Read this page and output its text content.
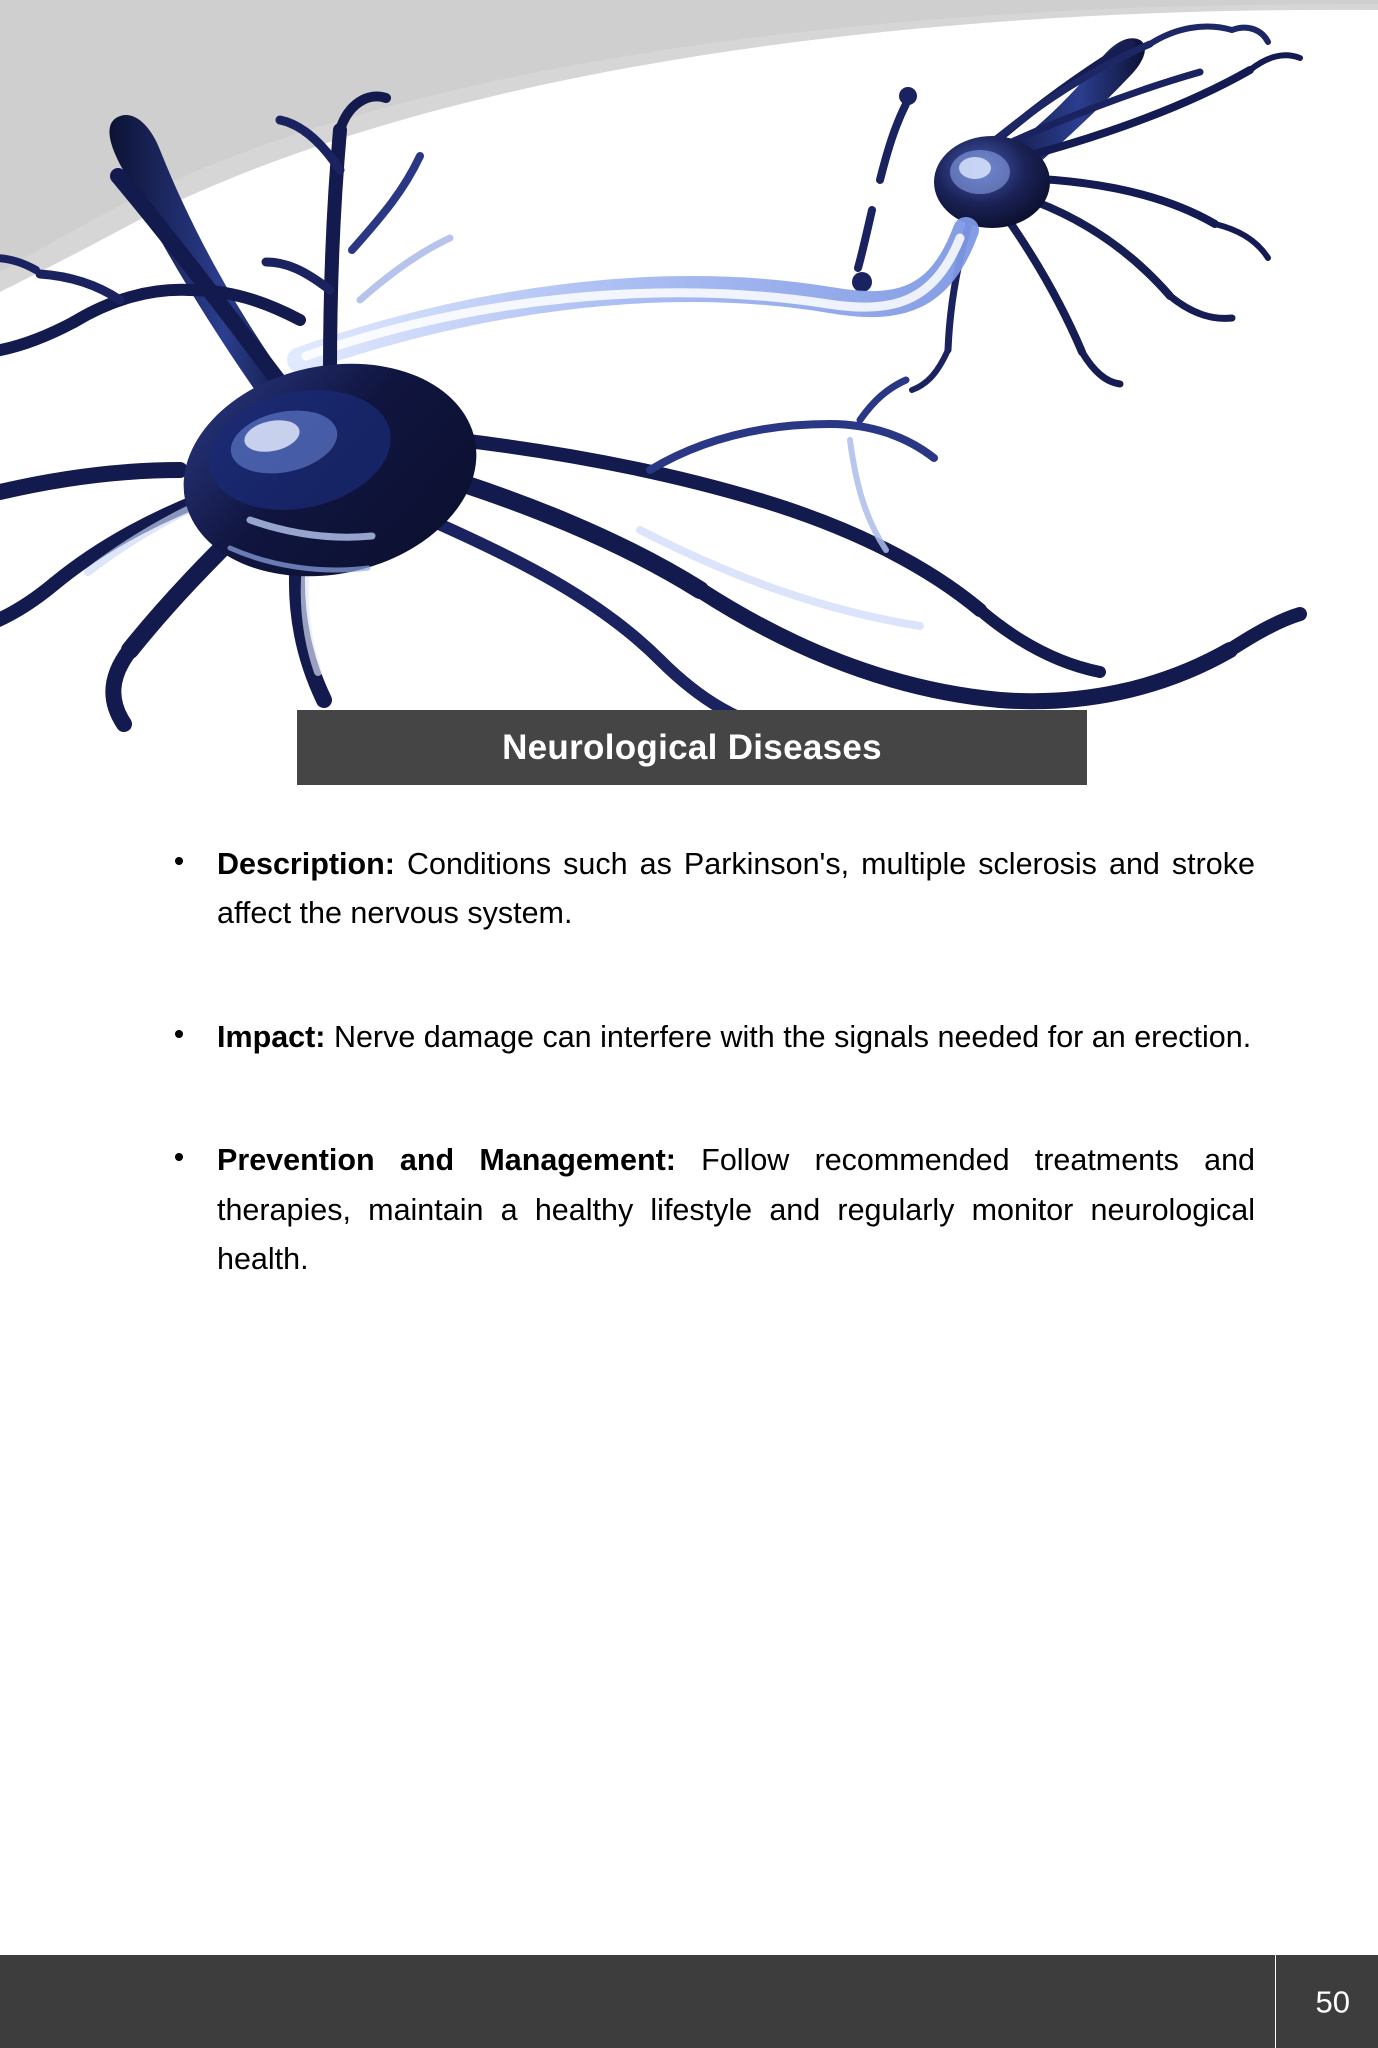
Neurological Diseases
Description: Conditions such as Parkinson's, multiple sclerosis and stroke affect the nervous system.
Impact: Nerve damage can interfere with the signals needed for an erection.
Prevention and Management: Follow recommended treatments and therapies, maintain a healthy lifestyle and regularly monitor neurological health.
50
